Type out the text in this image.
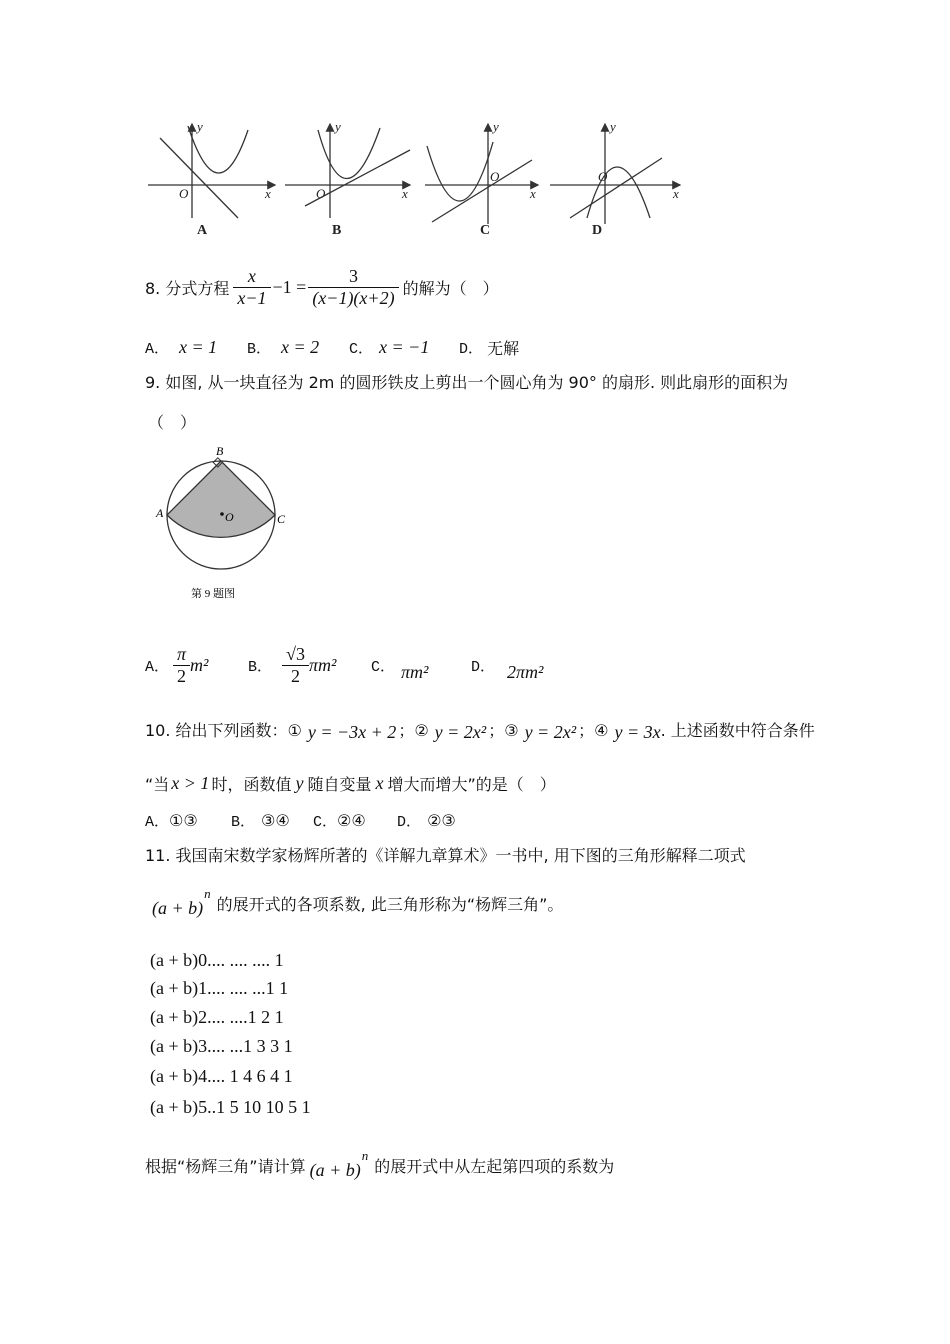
y
x
O
y
x
O
y
x
O
y
x
O
A	B	C	D
8. 分式方程 $\frac{x}{x-1} -1 = \frac{3}{(x-1)(x+2)}$ 的解为（　）
A． x = 1	B． x = 2	C． x = −1	D． 无解
9. 如图, 从一块直径为 2m 的圆形铁皮上剪出一个圆心角为 90° 的扇形. 则此扇形的面积为
（　）
B
A	C
O
第 9 题图
A． $\frac{\pi}{2} m^2$	B． $\frac{√3}{2} \pi m^2$	C． πm²	D． 2πm²
10. 给出下列函数：① y = −3x + 2 ；② y = 2x² ；③ y = 2x² ；④ y = 3x . 上述函数中符合条件
“当 x > 1 时，函数值 y 随自变量 x 增大而增大”的是（　）
A． ①③	B． ③④	C． ②④	D． ②③
11. 我国南宋数学家杨辉所著的《详解九章算术》一书中, 用下图的三角形解释二项式
(a + b)
n
的展开式的各项系数, 此三角形称为“杨辉三角”。
(a + b)0.... .... .... 1
(a + b)1.... .... ...1 1
(a + b)2.... ....1 2 1
(a + b)3.... ...1 3 3 1
(a + b)4.... 1 4 6 4 1
(a + b)5..1 5 10 10 5 1
根据“杨辉三角”请计算 (a + b)
n
的展开式中从左起第四项的系数为
